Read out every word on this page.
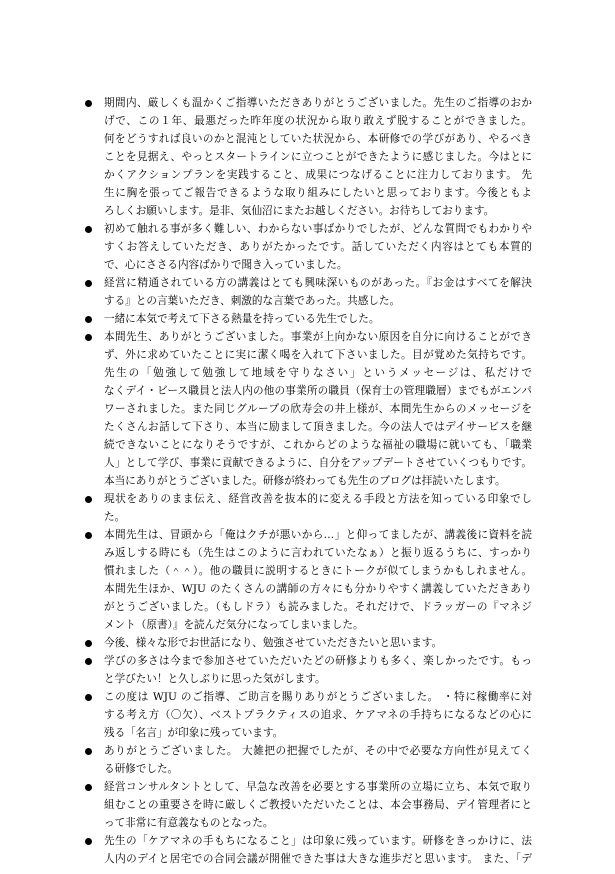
期間内、厳しくも温かくご指導いただきありがとうございました。先生のご指導のおか
げで、この１年、最悪だった昨年度の状況から取り敢えず脱することができました。
何をどうすれば良いのかと混沌としていた状況から、本研修での学びがあり、やるべき
ことを見据え、やっとスタートラインに立つことができたように感じました。今はとに
かくアクションプランを実践すること、成果につなげることに注力しております。 先
生に胸を張ってご報告できるような取り組みにしたいと思っております。今後ともよ
ろしくお願いします。是非、気仙沼にまたお越しください。お待ちしております。
初めて触れる事が多く難しい、わからない事ばかりでしたが、どんな質問でもわかりや
すくお答えしていただき、ありがたかったです。話していただく内容はとても本質的
で、心にささる内容ばかりで聞き入っていました。
経営に精通されている方の講義はとても興味深いものがあった。『お金はすべてを解決
する』との言葉いただき、刺激的な言葉であった。共感した。
一緒に本気で考えて下さる熱量を持っている先生でした。
本間先生、ありがとうございました。事業が上向かない原因を自分に向けることができ
ず、外に求めていたことに実に潔く喝を入れて下さいました。目が覚めた気持ちです。
先生の「勉強して勉強して地域を守りなさい」というメッセージは、私だけで
なくデイ・ビース職員と法人内の他の事業所の職員（保育士の管理職層）までもがエンパ
ワーされました。また同じグループの欣寿会の井上様が、本間先生からのメッセージを
たくさんお話して下さり、本当に励まして頂きました。今の法人ではデイサービスを継
続できないことになりそうですが、これからどのような福祉の職場に就いても、「職業
人」として学び、事業に貢献できるように、自分をアップデートさせていくつもりです。
本当にありがとうございました。研修が終わっても先生のブログは拝読いたします。
現状をありのまま伝え、経営改善を抜本的に変える手段と方法を知っている印象でし
た。
本間先生は、冒頭から「俺はクチが悪いから…」と仰ってましたが、講義後に資料を読
み返しする時にも（先生はこのように言われていたなぁ）と振り返るうちに、すっかり
慣れました（＾＾）。他の職員に説明するときにトークが似てしまうかもしれません。
本間先生ほか、WJU のたくさんの講師の方々にも分かりやすく講義していただきあり
がとうございました。（もしドラ）も読みました。それだけで、ドラッガーの『マネジ
メント（原書）』を読んだ気分になってしまいました。
今後、様々な形でお世話になり、勉強させていただきたいと思います。
学びの多さは今まで参加させていただいたどの研修よりも多く、楽しかったです。もっ
と学びたい！と久しぶりに思った気がします。
この度は WJU のご指導、ご助言を賜りありがとうございました。 ・特に稼働率に対
する考え方（〇欠）、ベストプラクティスの追求、ケアマネの手持ちになるなどの心に
残る「名言」が印象に残っています。
ありがとうございました。 大雑把の把握でしたが、その中で必要な方向性が見えてく
る研修でした。
経営コンサルタントとして、早急な改善を必要とする事業所の立場に立ち、本気で取り
組むことの重要さを時に厳しくご教授いただいたことは、本会事務局、デイ管理者にと
って非常に有意義なものとなった。
先生の「ケアマネの手もちになること」は印象に残っています。研修をきっかけに、法
人内のデイと居宅での合同会議が開催できた事は大きな進歩だと思います。 また、「デ
